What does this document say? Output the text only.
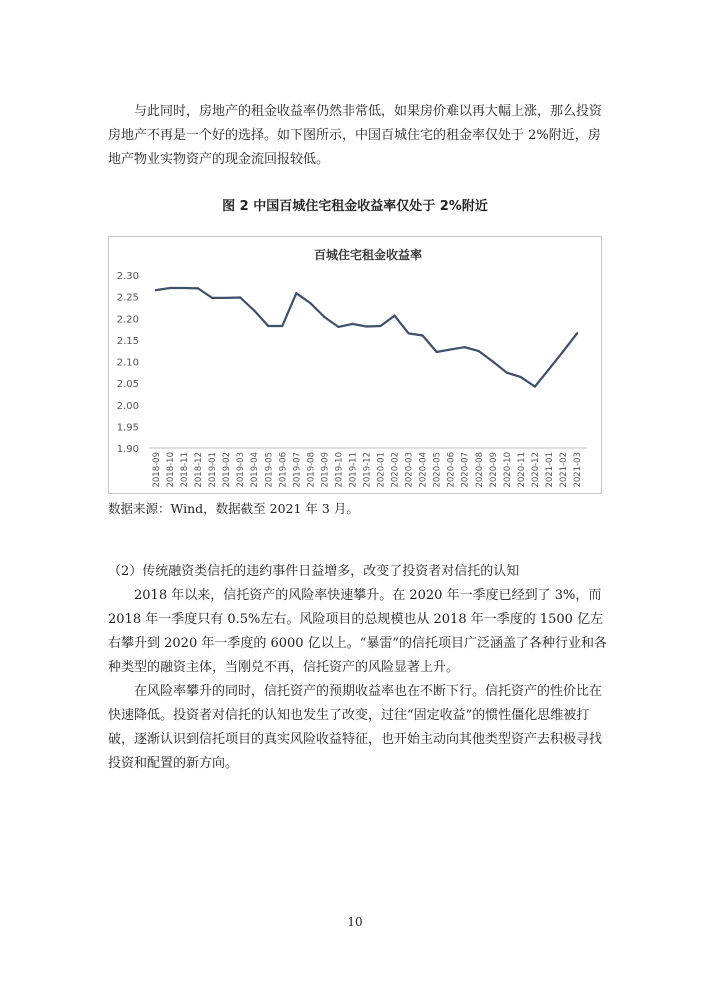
与此同时，房地产的租金收益率仍然非常低，如果房价难以再大幅上涨，那么投资房地产不再是一个好的选择。如下图所示，中国百城住宅的租金率仅处于 2%附近，房地产物业实物资产的现金流回报较低。

图 2 中国百城住宅租金收益率仅处于 2%附近
百城住宅租金收益率
2.30
2.25
2.20
2.15
2.10
2.05
2.00
1.95
1.90
2018-09 2018-10 2018-11 2018-12 2019-01 2019-02 2019-03 2019-04 2019-05 2019-06 2019-07 2019-08 2019-09 2019-10 2019-11 2019-12 2020-01 2020-02 2020-03 2020-04 2020-05 2020-06 2020-07 2020-08 2020-09 2020-10 2020-11 2020-12 2021-01 2021-02 2021-03
数据来源：Wind，数据截至 2021 年 3 月。

（2）传统融资类信托的违约事件日益增多，改变了投资者对信托的认知

2018 年以来，信托资产的风险率快速攀升。在 2020 年一季度已经到了 3%，而 2018 年一季度只有 0.5%左右。风险项目的总规模也从 2018 年一季度的 1500 亿左右攀升到 2020 年一季度的 6000 亿以上。“暴雷”的信托项目广泛涵盖了各种行业和各种类型的融资主体，当刚兑不再，信托资产的风险显著上升。

在风险率攀升的同时，信托资产的预期收益率也在不断下行。信托资产的性价比在快速降低。投资者对信托的认知也发生了改变，过往“固定收益”的惯性僵化思维被打破，逐渐认识到信托项目的真实风险收益特征，也开始主动向其他类型资产去积极寻找投资和配置的新方向。

10
